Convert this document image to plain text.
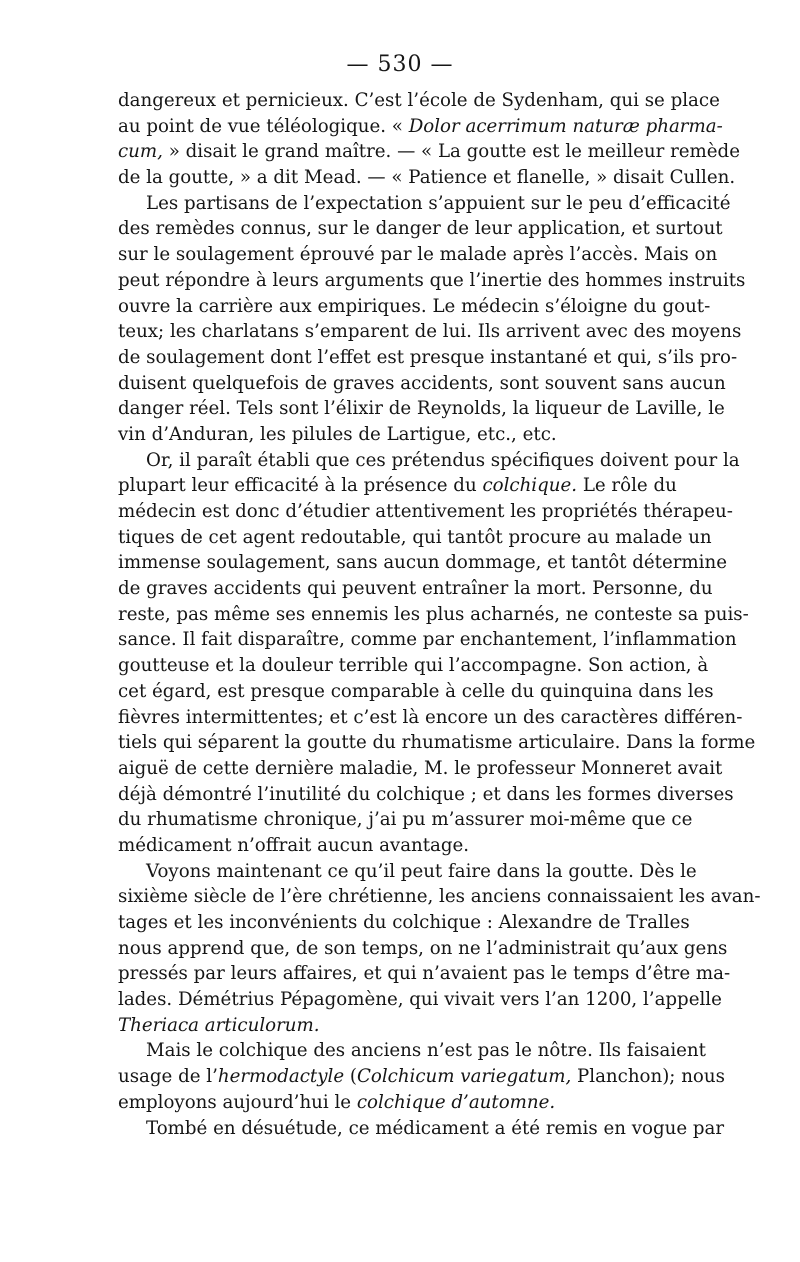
— 530 —
dangereux et pernicieux. C’est l’école de Sydenham, qui se place
au point de vue téléologique. « Dolor acerrimum naturæ pharma-
cum, » disait le grand maître. — « La goutte est le meilleur remède
de la goutte, » a dit Mead. — « Patience et flanelle, » disait Cullen.
Les partisans de l’expectation s’appuient sur le peu d’efficacité
des remèdes connus, sur le danger de leur application, et surtout
sur le soulagement éprouvé par le malade après l’accès. Mais on
peut répondre à leurs arguments que l’inertie des hommes instruits
ouvre la carrière aux empiriques. Le médecin s’éloigne du gout-
teux; les charlatans s’emparent de lui. Ils arrivent avec des moyens
de soulagement dont l’effet est presque instantané et qui, s’ils pro-
duisent quelquefois de graves accidents, sont souvent sans aucun
danger réel. Tels sont l’élixir de Reynolds, la liqueur de Laville, le
vin d’Anduran, les pilules de Lartigue, etc., etc.
Or, il paraît établi que ces prétendus spécifiques doivent pour la
plupart leur efficacité à la présence du colchique. Le rôle du
médecin est donc d’étudier attentivement les propriétés thérapeu-
tiques de cet agent redoutable, qui tantôt procure au malade un
immense soulagement, sans aucun dommage, et tantôt détermine
de graves accidents qui peuvent entraîner la mort. Personne, du
reste, pas même ses ennemis les plus acharnés, ne conteste sa puis-
sance. Il fait disparaître, comme par enchantement, l’inflammation
goutteuse et la douleur terrible qui l’accompagne. Son action, à
cet égard, est presque comparable à celle du quinquina dans les
fièvres intermittentes; et c’est là encore un des caractères différen-
tiels qui séparent la goutte du rhumatisme articulaire. Dans la forme
aiguë de cette dernière maladie, M. le professeur Monneret avait
déjà démontré l’inutilité du colchique ; et dans les formes diverses
du rhumatisme chronique, j’ai pu m’assurer moi-même que ce
médicament n’offrait aucun avantage.
Voyons maintenant ce qu’il peut faire dans la goutte. Dès le
sixième siècle de l’ère chrétienne, les anciens connaissaient les avan-
tages et les inconvénients du colchique : Alexandre de Tralles
nous apprend que, de son temps, on ne l’administrait qu’aux gens
pressés par leurs affaires, et qui n’avaient pas le temps d’être ma-
lades. Démétrius Pépagomène, qui vivait vers l’an 1200, l’appelle
Theriaca articulorum.
Mais le colchique des anciens n’est pas le nôtre. Ils faisaient
usage de l’hermodactyle (Colchicum variegatum, Planchon); nous
employons aujourd’hui le colchique d’automne.
Tombé en désuétude, ce médicament a été remis en vogue par
